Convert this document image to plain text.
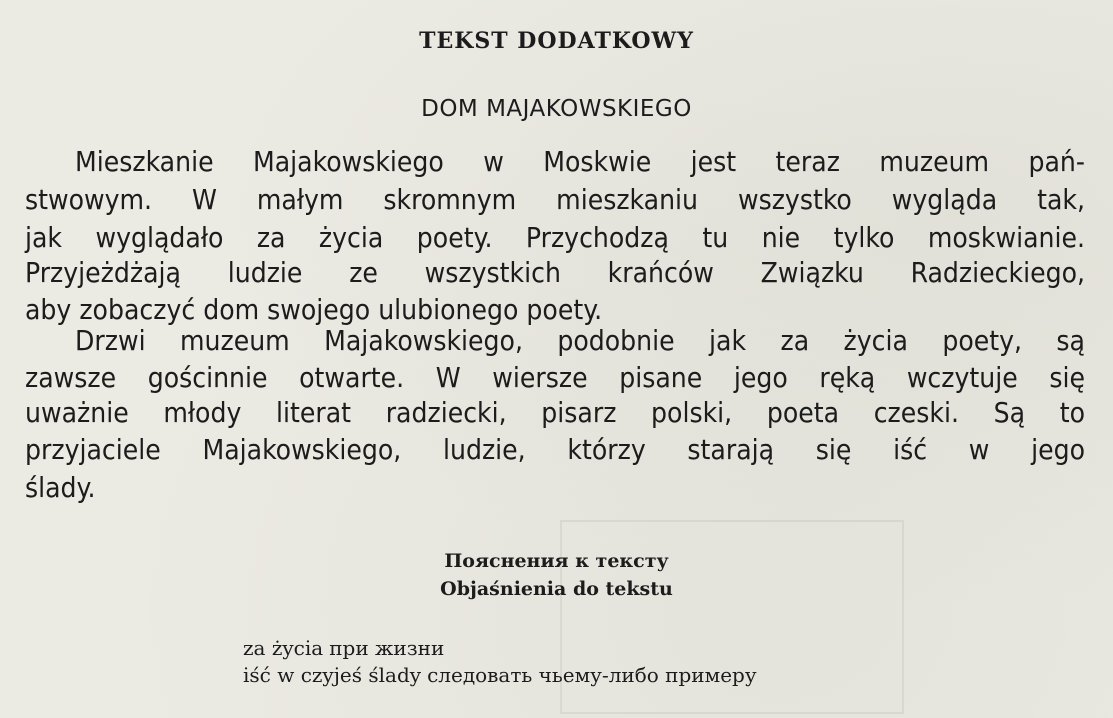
TEKST DODATKOWY
DOM MAJAKOWSKIEGO
Mieszkanie Majakowskiego w Moskwie jest teraz muzeum pań-
stwowym. W małym skromnym mieszkaniu wszystko wygląda tak,
jak wyglądało za życia poety. Przychodzą tu nie tylko moskwianie.
Przyjeżdżają ludzie ze wszystkich krańców Związku Radzieckiego,
aby zobaczyć dom swojego ulubionego poety.
Drzwi muzeum Majakowskiego, podobnie jak za życia poety, są
zawsze gościnnie otwarte. W wiersze pisane jego ręką wczytuje się
uważnie młody literat radziecki, pisarz polski, poeta czeski. Są to
przyjaciele Majakowskiego, ludzie, którzy starają się iść w jego
ślady.
Пояснения к тексту
Objaśnienia do tekstu
za życia при жизни
iść w czyjeś ślady следовать чьему-либо примеру
